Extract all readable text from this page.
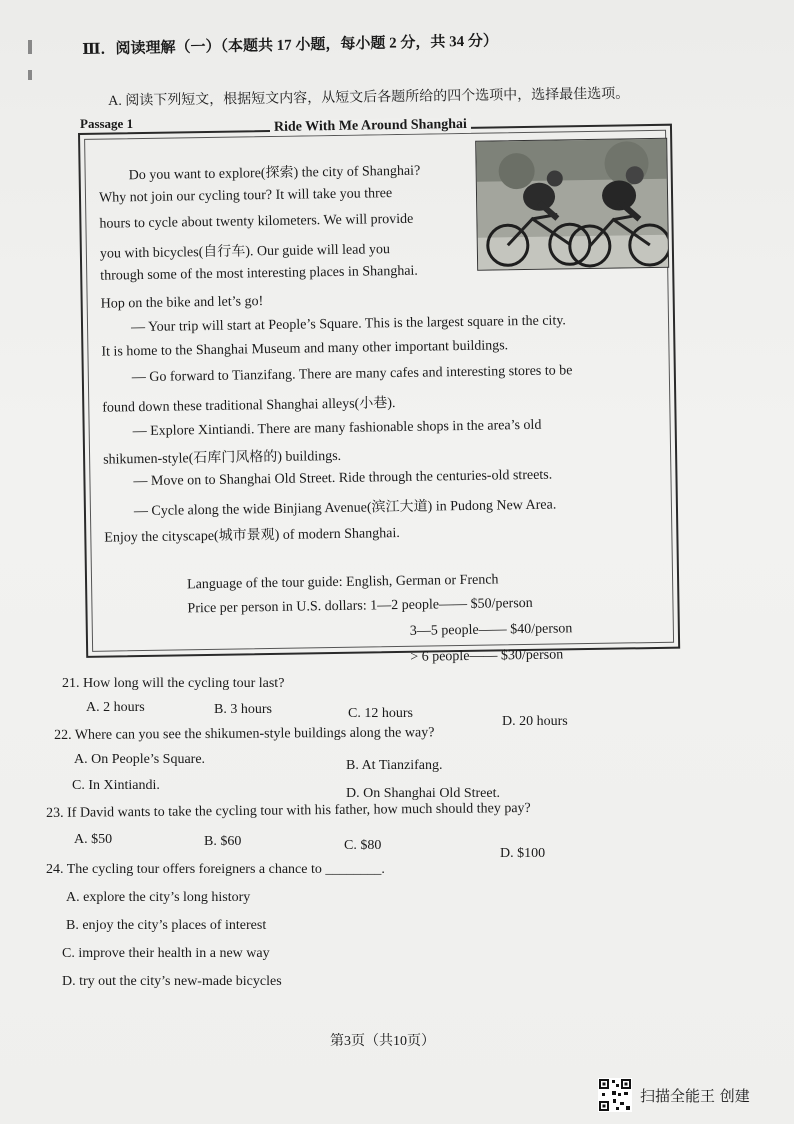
Ⅲ．阅读理解（一）（本题共 17 小题，每小题 2 分，共 34 分）
A. 阅读下列短文，根据短文内容，从短文后各题所给的四个选项中，选择最佳选项。
Passage 1	Ride With Me Around Shanghai
Do you want to explore(探索) the city of Shanghai?
Why not join our cycling tour? It will take you three
hours to cycle about twenty kilometers. We will provide
you with bicycles(自行车). Our guide will lead you
through some of the most interesting places in Shanghai.
Hop on the bike and let’s go!
— Your trip will start at People’s Square. This is the largest square in the city.
It is home to the Shanghai Museum and many other important buildings.
— Go forward to Tianzifang. There are many cafes and interesting stores to be
found down these traditional Shanghai alleys(小巷).
— Explore Xintiandi. There are many fashionable shops in the area’s old
shikumen-style(石库门风格的) buildings.
— Move on to Shanghai Old Street. Ride through the centuries-old streets.
— Cycle along the wide Binjiang Avenue(滨江大道) in Pudong New Area.
Enjoy the cityscape(城市景观) of modern Shanghai.
Language of the tour guide: English, German or French
Price per person in U.S. dollars: 1—2 people—— $50/person
3—5 people—— $40/person
> 6 people—— $30/person
21. How long will the cycling tour last?
A. 2 hours	B. 3 hours	C. 12 hours
D. 20 hours
22. Where can you see the shikumen-style buildings along the way?
A. On People’s Square.	B. At Tianzifang.
C. In Xintiandi.
D. On Shanghai Old Street.
23. If David wants to take the cycling tour with his father, how much should they pay?
A. $50	B. $60	C. $80
D. $100
24. The cycling tour offers foreigners a chance to ________.
A. explore the city’s long history
B. enjoy the city’s places of interest
C. improve their health in a new way
D. try out the city’s new-made bicycles
第3页（共10页）
扫描全能王 创建
